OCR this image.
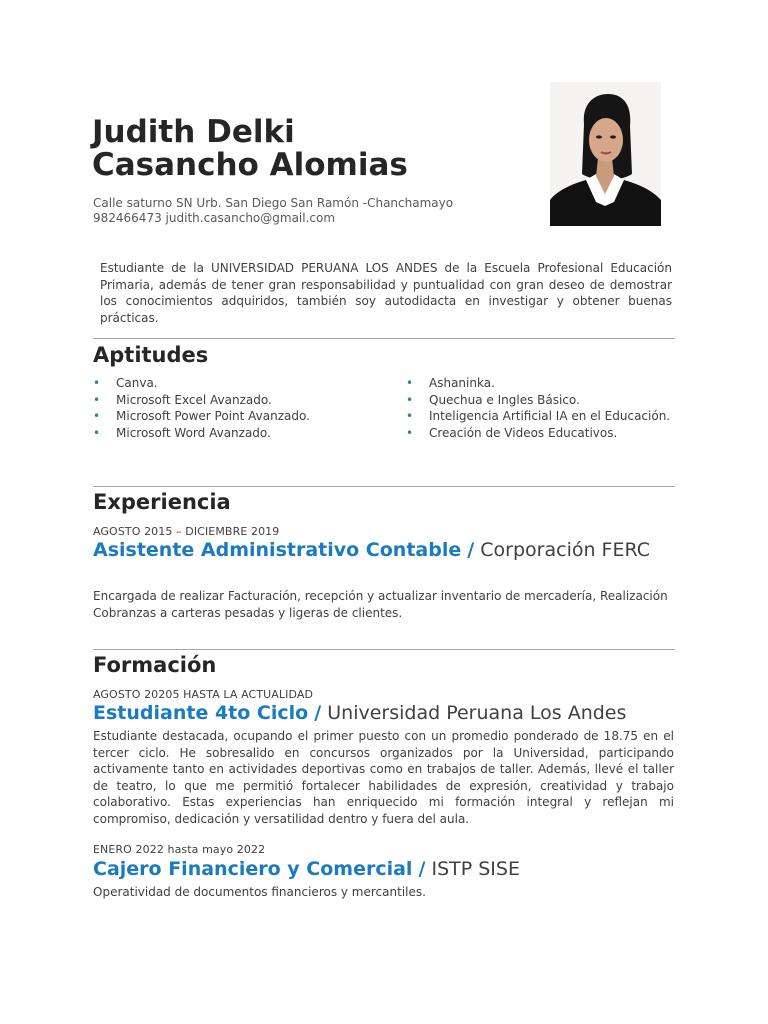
Judith Delki
Casancho Alomias
Calle saturno SN Urb. San Diego San Ramón -Chanchamayo
982466473 judith.casancho@gmail.com
Estudiante de la UNIVERSIDAD PERUANA LOS ANDES de la Escuela Profesional Educación Primaria, además de tener gran responsabilidad y puntualidad con gran deseo de demostrar los conocimientos adquiridos, también soy autodidacta en investigar y obtener buenas prácticas.
Aptitudes
• Canva.
• Microsoft Excel Avanzado.
• Microsoft Power Point Avanzado.
• Microsoft Word Avanzado.
• Ashaninka.
• Quechua e Ingles Básico.
• Inteligencia Artificial IA en el Educación.
• Creación de Videos Educativos.
Experiencia
AGOSTO 2015 – DICIEMBRE 2019
Asistente Administrativo Contable / Corporación FERC
Encargada de realizar Facturación, recepción y actualizar inventario de mercadería, Realización Cobranzas a carteras pesadas y ligeras de clientes.
Formación
AGOSTO 20205 HASTA LA ACTUALIDAD
Estudiante 4to Ciclo / Universidad Peruana Los Andes
Estudiante destacada, ocupando el primer puesto con un promedio ponderado de 18.75 en el tercer ciclo. He sobresalido en concursos organizados por la Universidad, participando activamente tanto en actividades deportivas como en trabajos de taller. Además, llevé el taller de teatro, lo que me permitió fortalecer habilidades de expresión, creatividad y trabajo colaborativo. Estas experiencias han enriquecido mi formación integral y reflejan mi compromiso, dedicación y versatilidad dentro y fuera del aula.
ENERO 2022 hasta mayo 2022
Cajero Financiero y Comercial / ISTP SISE
Operatividad de documentos financieros y mercantiles.
